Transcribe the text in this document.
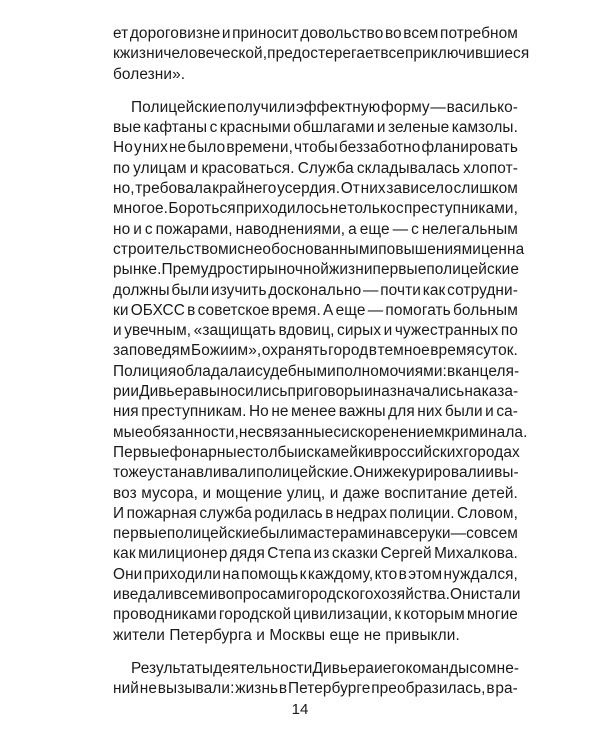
ет дороговизне и приносит довольство во всем потребном
к жизни человеческой, предостерегает все приключившиеся
болезни».
Полицейские получили эффектную форму — василько-
вые кафтаны с красными обшлагами и зеленые камзолы.
Но у них не было времени, чтобы беззаботно фланировать
по улицам и красоваться. Служба складывалась хлопот-
но, требовала крайнего усердия. От них зависело слишком
многое. Бороться приходилось не только с преступниками,
но и с пожарами, наводнениями, а еще — с нелегальным
строительством и с необоснованными повышениями цен на
рынке. Премудрости рыночной жизни первые полицейские
должны были изучить досконально — почти как сотрудни-
ки ОБХСС в советское время. А еще — помогать больным
и увечным, «защищать вдовиц, сирых и чужестранных по
заповедям Божиим», охранять город в темное время суток.
Полиция обладала и судебными полномочиями: в канцеля-
рии Дивьера выносились приговоры и назначались наказа-
ния преступникам. Но не менее важны для них были и са-
мые обязанности, не связанные с искоренением криминала.
Первые фонарные столбы и скамейки в российских городах
тоже устанавливали полицейские. Они же курировали и вы-
воз мусора, и мощение улиц, и даже воспитание детей.
И пожарная служба родилась в недрах полиции. Словом,
первые полицейские были мастерами на все руки — совсем
как милиционер дядя Степа из сказки Сергей Михалкова.
Они приходили на помощь к каждому, кто в этом нуждался,
и ведали всеми вопросами городского хозяйства. Они стали
проводниками городской цивилизации, к которым многие
жители Петербурга и Москвы еще не привыкли.
Результаты деятельности Дивьера и его команды сомне-
ний не вызывали: жизнь в Петербурге преобразилась, в ра-
14
